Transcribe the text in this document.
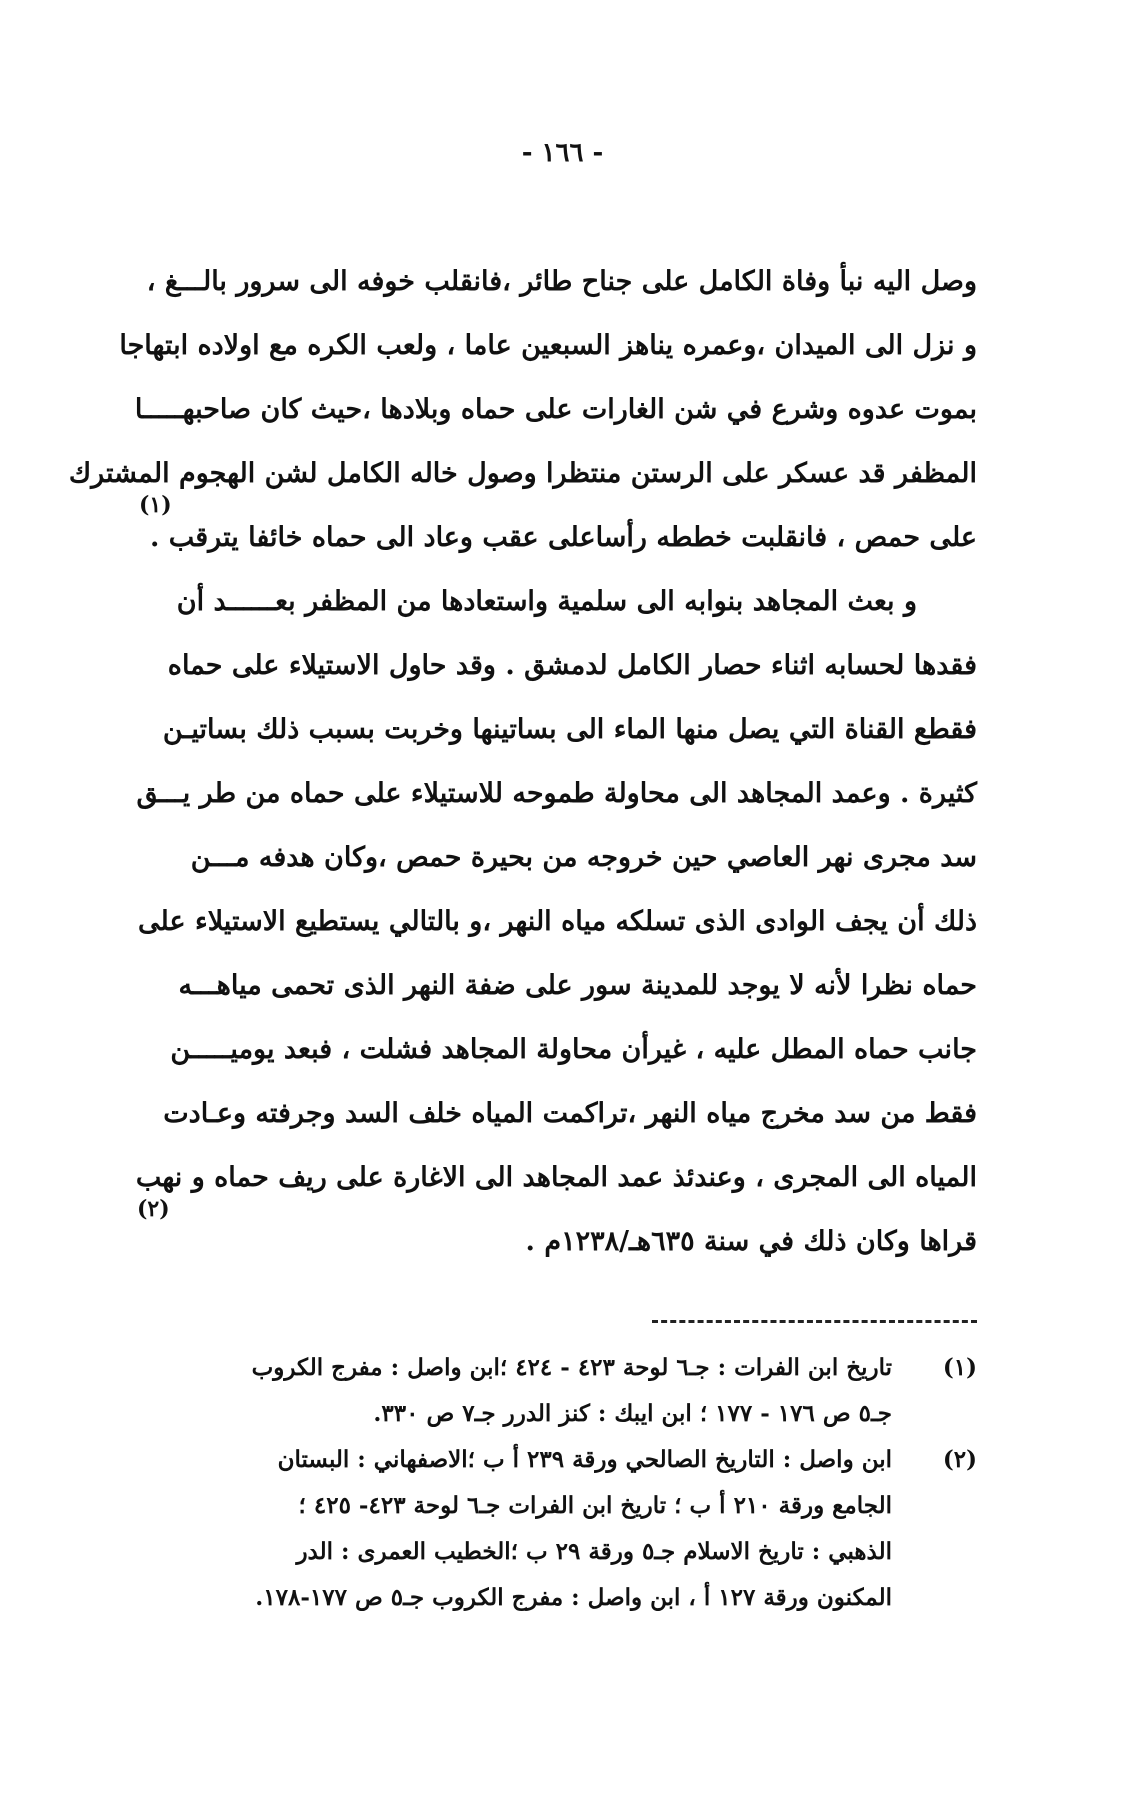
- ١٦٦ -
وصل اليه نبأ وفاة الكامل على جناح طائر ،فانقلب خوفه الى سرور بالـــغ ،
و نزل الى الميدان ،وعمره يناهز السبعين عاما ، ولعب الكره مع اولاده ابتهاجا
بموت عدوه وشرع في شن الغارات على حماه وبلادها ،حيث كان صاحبهـــــا
المظفر قد عسكر على الرستن منتظرا وصول خاله الكامل لشن الهجوم المشترك
على حمص ، فانقلبت خططه رأساعلى عقب وعاد الى حماه خائفا يترقب .
(١)
و بعث المجاهد بنوابه الى سلمية واستعادها من المظفر بعــــــد أن
فقدها لحسابه اثناء حصار الكامل لدمشق . وقد حاول الاستيلاء على حماه
فقطع القناة التي يصل منها الماء الى بساتينها وخربت بسبب ذلك بساتيـن
كثيرة . وعمد المجاهد الى محاولة طموحه للاستيلاء على حماه من طر يـــق
سد مجرى نهر العاصي حين خروجه من بحيرة حمص ،وكان هدفه مـــن
ذلك أن يجف الوادى الذى تسلكه مياه النهر ،و بالتالي يستطيع الاستيلاء على
حماه نظرا لأنه لا يوجد للمدينة سور على ضفة النهر الذى تحمى مياهـــه
جانب حماه المطل عليه ، غيرأن محاولة المجاهد فشلت ، فبعد يوميـــــن
فقط من سد مخرج مياه النهر ،تراكمت المياه خلف السد وجرفته وعـادت
المياه الى المجرى ، وعندئذ عمد المجاهد الى الاغارة على ريف حماه و نهب
قراها وكان ذلك في سنة ٦٣٥هـ/١٢٣٨م .
(٢)
(١)
تاريخ ابن الفرات : جـ٦ لوحة ٤٢٣ - ٤٢٤ ؛ابن واصل : مفرج الكروب
جـ٥ ص ١٧٦ - ١٧٧ ؛ ابن ايبك : كنز الدرر جـ٧ ص ٣٣٠.
(٢)
ابن واصل : التاريخ الصالحي ورقة ٢٣٩ أ ب ؛الاصفهاني : البستان
الجامع ورقة ٢١٠ أ ب ؛ تاريخ ابن الفرات جـ٦ لوحة ٤٢٣- ٤٢٥ ؛
الذهبي : تاريخ الاسلام جـ٥ ورقة ٢٩ ب ؛الخطيب العمرى : الدر
المكنون ورقة ١٢٧ أ ، ابن واصل : مفرج الكروب جـ٥ ص ١٧٧-١٧٨.
